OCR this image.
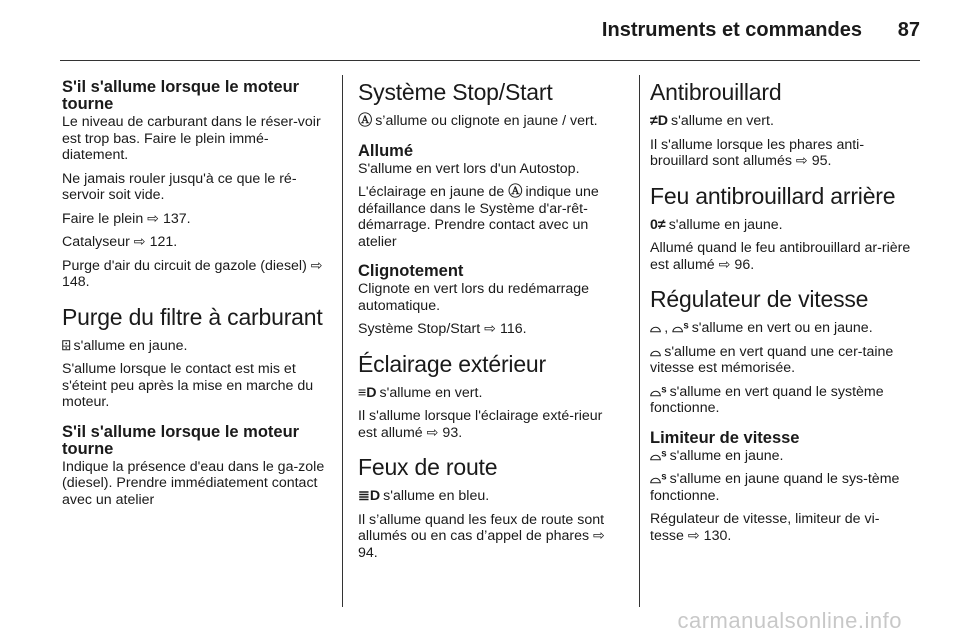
Instruments et commandes 87
S'il s'allume lorsque le moteur tourne

Le niveau de carburant dans le réser-voir est trop bas. Faire le plein immé-diatement.

Ne jamais rouler jusqu'à ce que le ré-servoir soit vide.

Faire le plein ⇨ 137.

Catalyseur ⇨ 121.

Purge d'air du circuit de gazole (diesel) ⇨ 148.

Purge du filtre à carburant

⌹ s'allume en jaune.

S'allume lorsque le contact est mis et s'éteint peu après la mise en marche du moteur.

S'il s'allume lorsque le moteur tourne

Indique la présence d'eau dans le ga-zole (diesel). Prendre immédiatement contact avec un atelier

Système Stop/Start

Ⓐ s’allume ou clignote en jaune / vert.

Allumé

S'allume en vert lors d'un Autostop.

L'éclairage en jaune de Ⓐ indique une défaillance dans le Système d'ar-rêt-démarrage. Prendre contact avec un atelier

Clignotement

Clignote en vert lors du redémarrage automatique.

Système Stop/Start ⇨ 116.

Éclairage extérieur

≡D s'allume en vert.

Il s'allume lorsque l'éclairage exté-rieur est allumé ⇨ 93.

Feux de route

≣D s'allume en bleu.

Il s’allume quand les feux de route sont allumés ou en cas d’appel de phares ⇨ 94.

Antibrouillard

≠D s'allume en vert.

Il s'allume lorsque les phares anti-brouillard sont allumés ⇨ 95.

Feu antibrouillard arrière

0≠ s'allume en jaune.

Allumé quand le feu antibrouillard ar-rière est allumé ⇨ 96.

Régulateur de vitesse

⌓ , ⌓ˢ s'allume en vert ou en jaune.

⌓ s'allume en vert quand une cer-taine vitesse est mémorisée.

⌓ˢ s'allume en vert quand le système fonctionne.

Limiteur de vitesse

⌓ˢ s'allume en jaune.

⌓ˢ s'allume en jaune quand le sys-tème fonctionne.

Régulateur de vitesse, limiteur de vi-tesse ⇨ 130.

carmanualsonline.info
